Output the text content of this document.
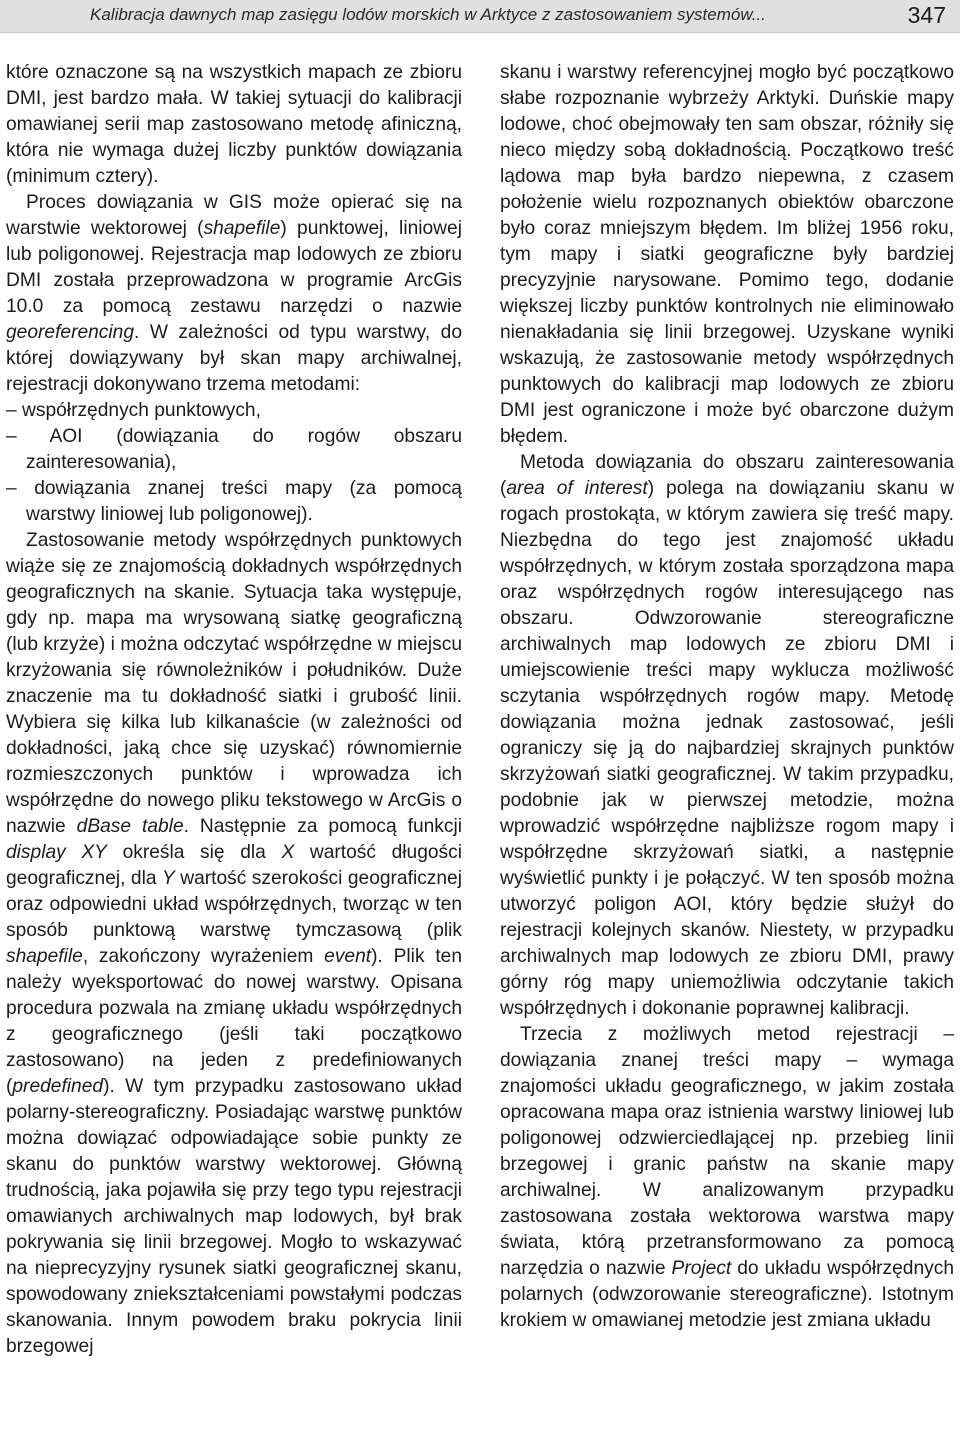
Kalibracja dawnych map zasięgu lodów morskich w Arktyce z zastosowaniem systemów...	347

które oznaczone są na wszystkich mapach ze zbioru DMI, jest bardzo mała. W takiej sytuacji do kalibracji omawianej serii map zastosowano metodę afiniczną, która nie wymaga dużej liczby punktów dowiązania (minimum cztery).

Proces dowiązania w GIS może opierać się na warstwie wektorowej (shapefile) punktowej, liniowej lub poligonowej. Rejestracja map lodowych ze zbioru DMI została przeprowadzona w programie ArcGis 10.0 za pomocą zestawu narzędzi o nazwie georeferencing. W zależności od typu warstwy, do której dowiązywany był skan mapy archiwalnej, rejestracji dokonywano trzema metodami:

– współrzędnych punktowych,

– AOI (dowiązania do rogów obszaru zainteresowania),

– dowiązania znanej treści mapy (za pomocą warstwy liniowej lub poligonowej).

Zastosowanie metody współrzędnych punktowych wiąże się ze znajomością dokładnych współrzędnych geograficznych na skanie. Sytuacja taka występuje, gdy np. mapa ma wrysowaną siatkę geograficzną (lub krzyże) i można odczytać współrzędne w miejscu krzyżowania się równoleżników i południków. Duże znaczenie ma tu dokładność siatki i grubość linii. Wybiera się kilka lub kilkanaście (w zależności od dokładności, jaką chce się uzyskać) równomiernie rozmieszczonych punktów i wprowadza ich współrzędne do nowego pliku tekstowego w ArcGis o nazwie dBase table. Następnie za pomocą funkcji display XY określa się dla X wartość długości geograficznej, dla Y wartość szerokości geograficznej oraz odpowiedni układ współrzędnych, tworząc w ten sposób punktową warstwę tymczasową (plik shapefile, zakończony wyrażeniem event). Plik ten należy wyeksportować do nowej warstwy. Opisana procedura pozwala na zmianę układu współrzędnych z geograficznego (jeśli taki początkowo zastosowano) na jeden z predefiniowanych (predefined). W tym przypadku zastosowano układ polarny-stereograficzny. Posiadając warstwę punktów można dowiązać odpowiadające sobie punkty ze skanu do punktów warstwy wektorowej. Główną trudnością, jaka pojawiła się przy tego typu rejestracji omawianych archiwalnych map lodowych, był brak pokrywania się linii brzegowej. Mogło to wskazywać na nieprecyzyjny rysunek siatki geograficznej skanu, spowodowany zniekształceniami powstałymi podczas skanowania. Innym powodem braku pokrycia linii brzegowej

skanu i warstwy referencyjnej mogło być początkowo słabe rozpoznanie wybrzeży Arktyki. Duńskie mapy lodowe, choć obejmowały ten sam obszar, różniły się nieco między sobą dokładnością. Początkowo treść lądowa map była bardzo niepewna, z czasem położenie wielu rozpoznanych obiektów obarczone było coraz mniejszym błędem. Im bliżej 1956 roku, tym mapy i siatki geograficzne były bardziej precyzyjnie narysowane. Pomimo tego, dodanie większej liczby punktów kontrolnych nie eliminowało nienakładania się linii brzegowej. Uzyskane wyniki wskazują, że zastosowanie metody współrzędnych punktowych do kalibracji map lodowych ze zbioru DMI jest ograniczone i może być obarczone dużym błędem.

Metoda dowiązania do obszaru zainteresowania (area of interest) polega na dowiązaniu skanu w rogach prostokąta, w którym zawiera się treść mapy. Niezbędna do tego jest znajomość układu współrzędnych, w którym została sporządzona mapa oraz współrzędnych rogów interesującego nas obszaru. Odwzorowanie stereograficzne archiwalnych map lodowych ze zbioru DMI i umiejscowienie treści mapy wyklucza możliwość sczytania współrzędnych rogów mapy. Metodę dowiązania można jednak zastosować, jeśli ograniczy się ją do najbardziej skrajnych punktów skrzyżowań siatki geograficznej. W takim przypadku, podobnie jak w pierwszej metodzie, można wprowadzić współrzędne najbliższe rogom mapy i współrzędne skrzyżowań siatki, a następnie wyświetlić punkty i je połączyć. W ten sposób można utworzyć poligon AOI, który będzie służył do rejestracji kolejnych skanów. Niestety, w przypadku archiwalnych map lodowych ze zbioru DMI, prawy górny róg mapy uniemożliwia odczytanie takich współrzędnych i dokonanie poprawnej kalibracji.

Trzecia z możliwych metod rejestracji – dowiązania znanej treści mapy – wymaga znajomości układu geograficznego, w jakim została opracowana mapa oraz istnienia warstwy liniowej lub poligonowej odzwierciedlającej np. przebieg linii brzegowej i granic państw na skanie mapy archiwalnej. W analizowanym przypadku zastosowana została wektorowa warstwa mapy świata, którą przetransformowano za pomocą narzędzia o nazwie Project do układu współrzędnych polarnych (odwzorowanie stereograficzne). Istotnym krokiem w omawianej metodzie jest zmiana układu
